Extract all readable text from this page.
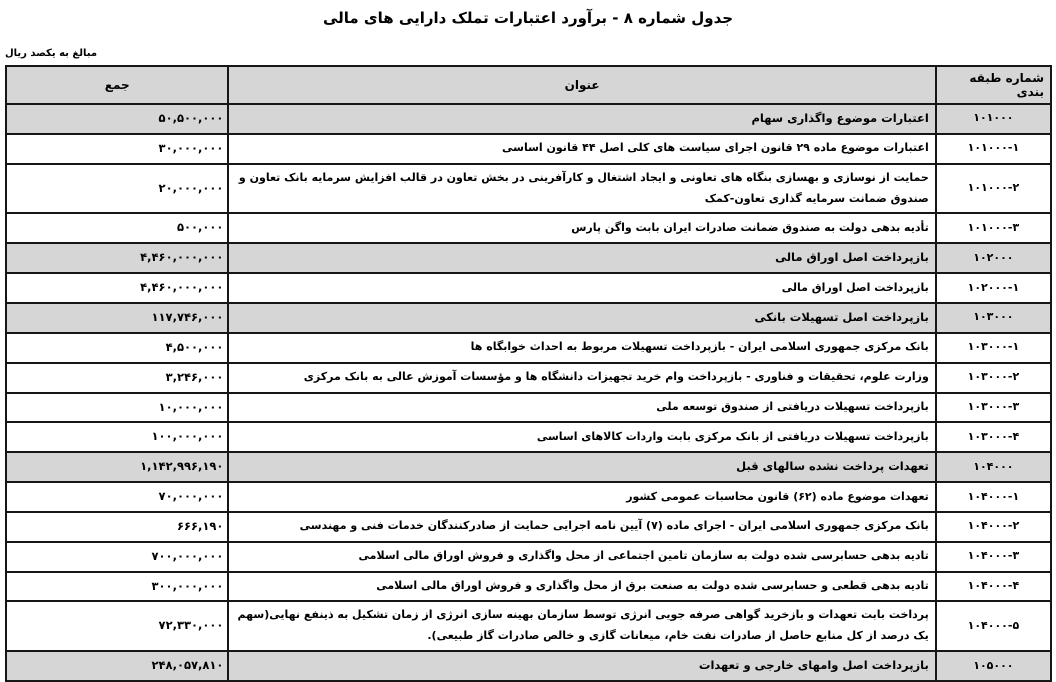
جدول شماره ۸ - برآورد اعتبارات تملک دارایی های مالی
مبالغ به یکصد ریال
شماره طبقه بندی	عنوان	جمع
۱۰۱۰۰۰	اعتبارات موضوع واگذاری سهام	۵۰,۵۰۰,۰۰۰
۱۰۱۰۰۰-۱	اعتبارات موضوع ماده ۲۹ قانون اجرای سیاست های کلی اصل ۴۴ قانون اساسی	۳۰,۰۰۰,۰۰۰
۱۰۱۰۰۰-۲	حمایت از نوسازی و بهسازی بنگاه های تعاونی و ایجاد اشتغال و کارآفرینی در بخش تعاون در قالب افزایش سرمایه بانک تعاون و صندوق ضمانت سرمایه گذاری تعاون-کمک	۲۰,۰۰۰,۰۰۰
۱۰۱۰۰۰-۳	تأدیه بدهی دولت به صندوق ضمانت صادرات ایران بابت واگن پارس	۵۰۰,۰۰۰
۱۰۲۰۰۰	بازپرداخت اصل اوراق مالی	۴,۴۶۰,۰۰۰,۰۰۰
۱۰۲۰۰۰-۱	بازپرداخت اصل اوراق مالی	۴,۴۶۰,۰۰۰,۰۰۰
۱۰۳۰۰۰	بازپرداخت اصل تسهیلات بانکی	۱۱۷,۷۴۶,۰۰۰
۱۰۳۰۰۰-۱	بانک مرکزی جمهوری اسلامی ایران - بازپرداخت تسهیلات مربوط به احداث خوابگاه ها	۴,۵۰۰,۰۰۰
۱۰۳۰۰۰-۲	وزارت علوم، تحقیقات و فناوری - بازپرداخت وام خرید تجهیزات دانشگاه ها و مؤسسات آموزش عالی به بانک مرکزی	۳,۲۴۶,۰۰۰
۱۰۳۰۰۰-۳	بازپرداخت تسهیلات دریافتی از صندوق توسعه ملی	۱۰,۰۰۰,۰۰۰
۱۰۳۰۰۰-۴	بازپرداخت تسهیلات دریافتی از بانک مرکزی بابت واردات کالاهای اساسی	۱۰۰,۰۰۰,۰۰۰
۱۰۴۰۰۰	تعهدات پرداخت نشده سالهای قبل	۱,۱۴۲,۹۹۶,۱۹۰
۱۰۴۰۰۰-۱	تعهدات موضوع ماده (۶۲) قانون محاسبات عمومی کشور	۷۰,۰۰۰,۰۰۰
۱۰۴۰۰۰-۲	بانک مرکزی جمهوری اسلامی ایران - اجرای ماده (۷) آیین نامه اجرایی حمایت از صادرکنندگان خدمات فنی و مهندسی	۶۶۶,۱۹۰
۱۰۴۰۰۰-۳	تادیه بدهی حسابرسی شده دولت به سازمان تامین اجتماعی از محل واگذاری و فروش اوراق مالی اسلامی	۷۰۰,۰۰۰,۰۰۰
۱۰۴۰۰۰-۴	تادیه بدهی قطعی و حسابرسی شده دولت به صنعت برق از محل واگذاری و فروش اوراق مالی اسلامی	۳۰۰,۰۰۰,۰۰۰
۱۰۴۰۰۰-۵	پرداخت بابت تعهدات و بازخرید گواهی صرفه جویی انرژی توسط سازمان بهینه سازی انرژی از زمان تشکیل به ذینفع نهایی(سهم یک درصد از کل منابع حاصل از صادرات نفت خام، میعانات گازی و خالص صادرات گاز طبیعی).	۷۲,۳۳۰,۰۰۰
۱۰۵۰۰۰	بازپرداخت اصل وامهای خارجی و تعهدات	۲۴۸,۰۵۷,۸۱۰
